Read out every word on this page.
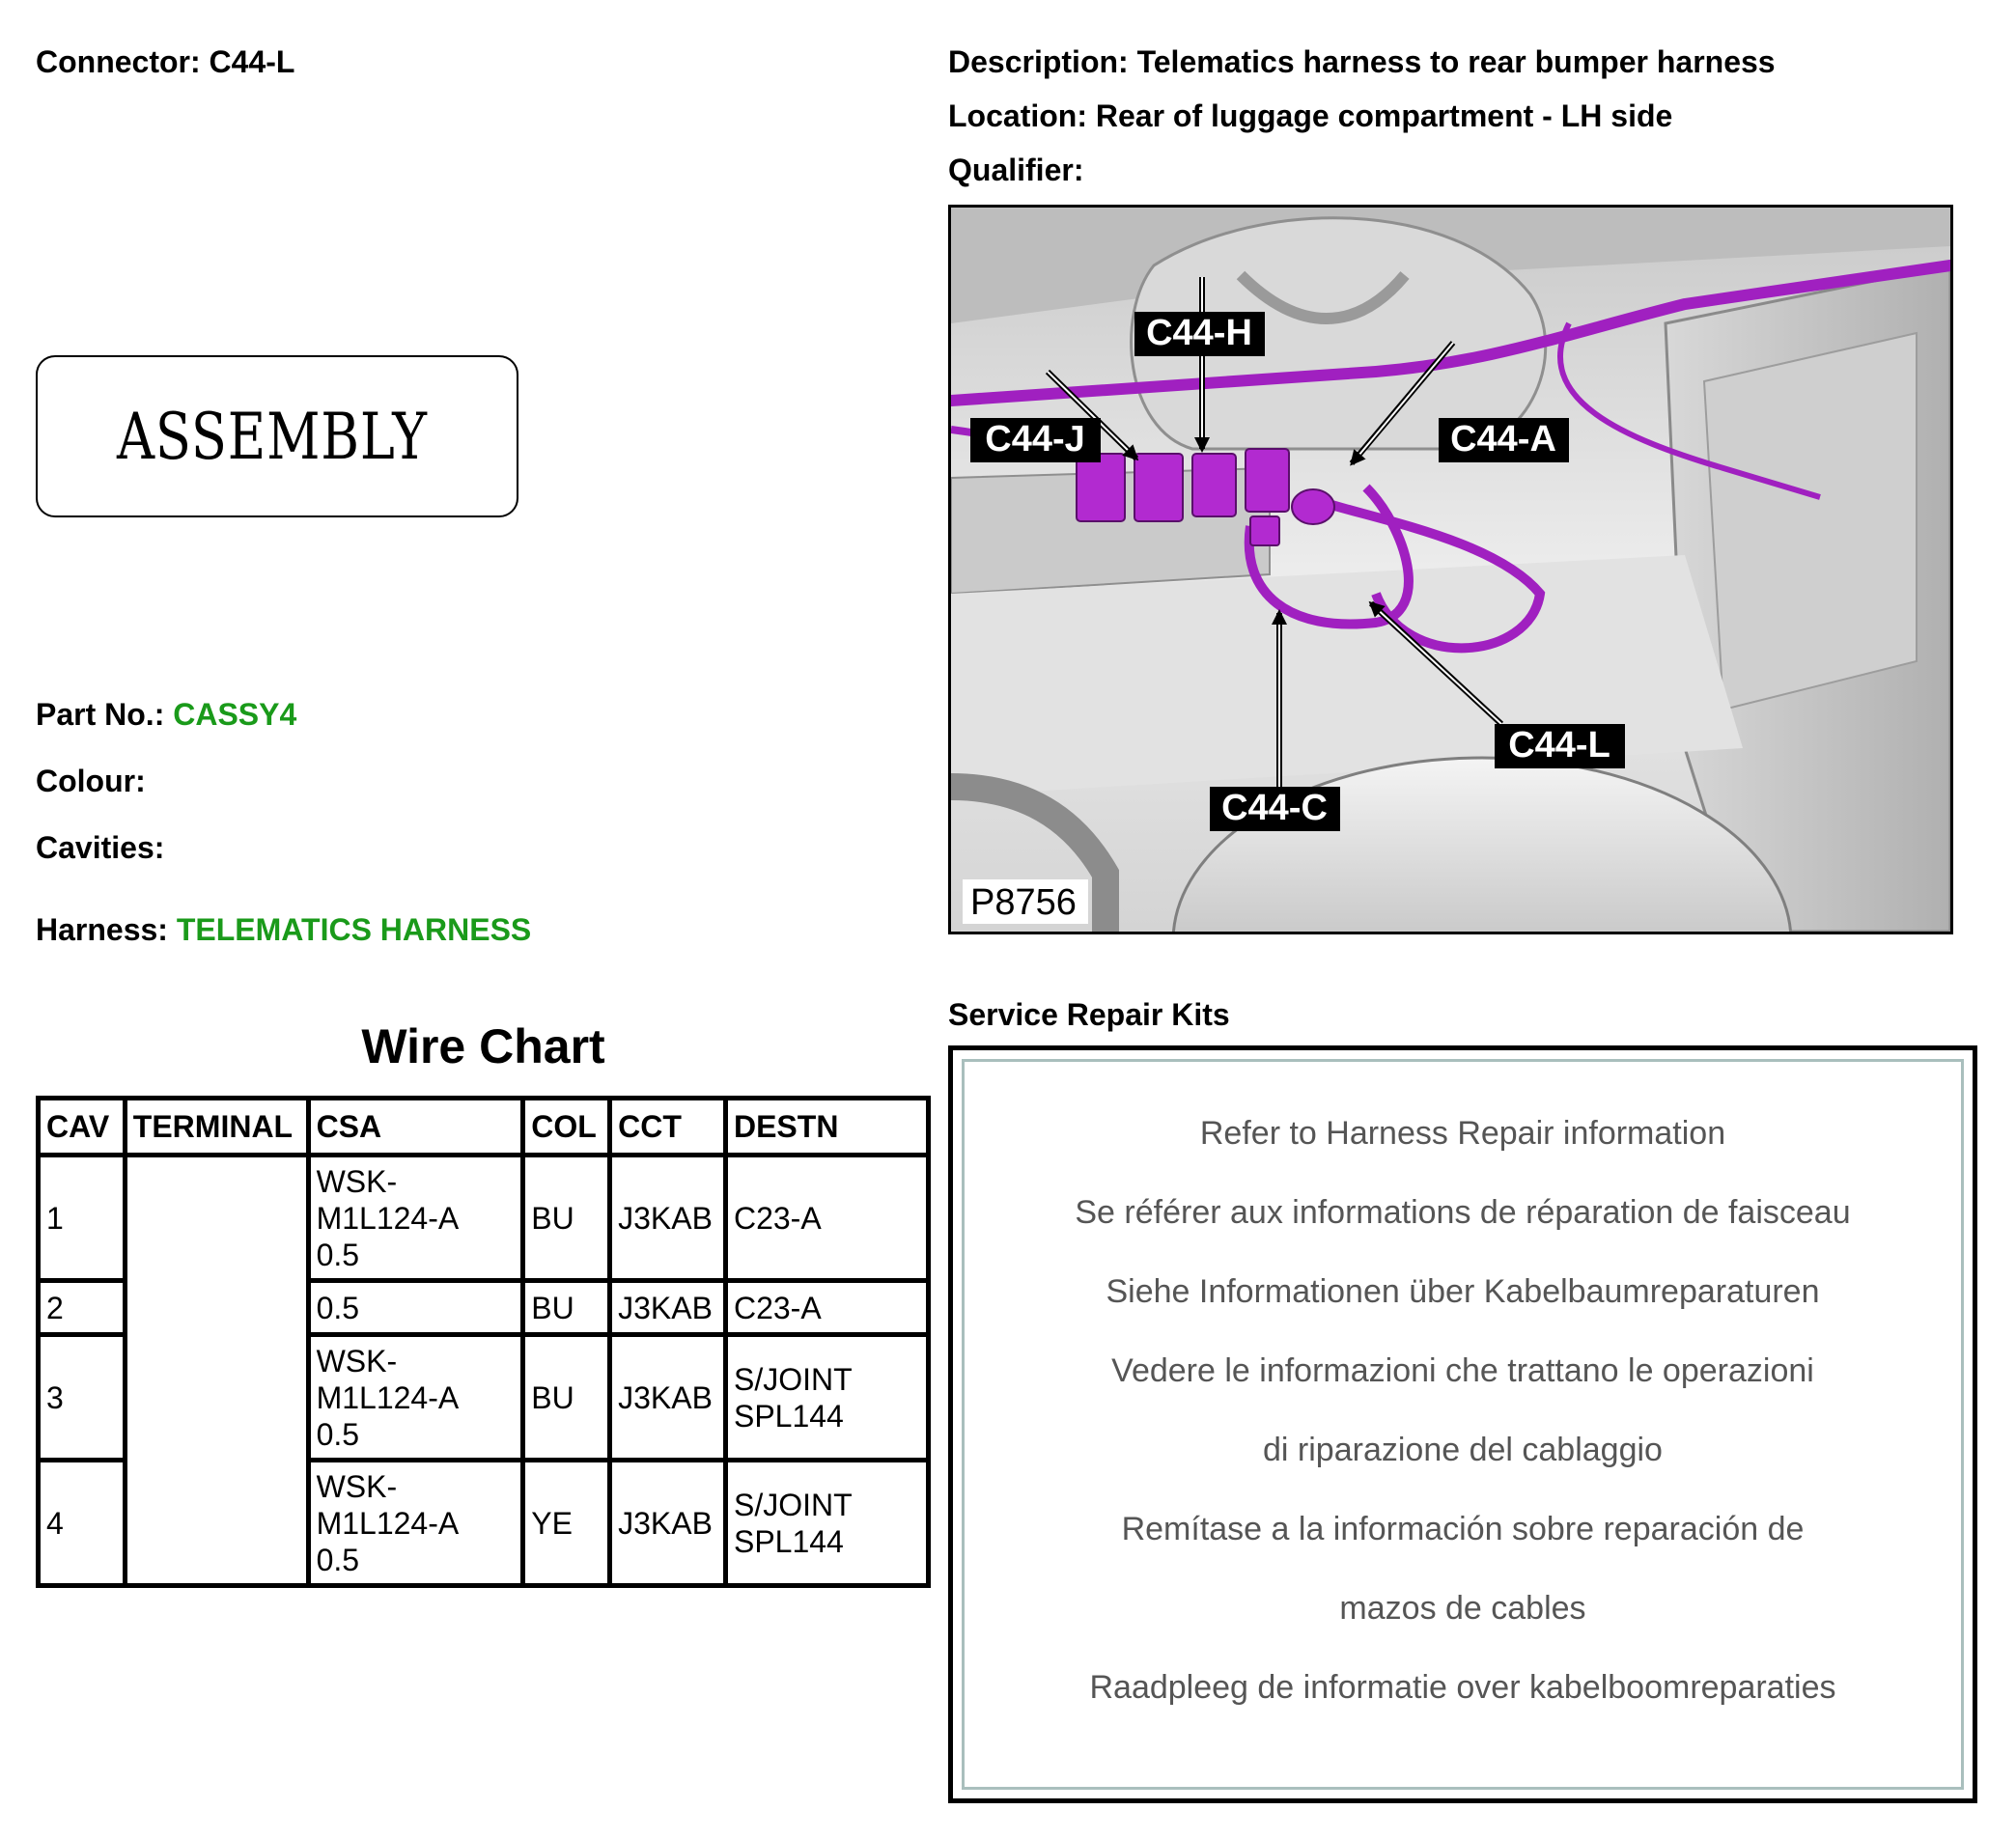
Connector: C44-L	Description: Telematics harness to rear bumper harness
Location: Rear of luggage compartment - LH side
Qualifier:
ASSEMBLY
Part No.: CASSY4
Colour:
Cavities:
Harness: TELEMATICS HARNESS
C44-H
C44-J	C44-A
C44-L
C44-C
P8756
Wire Chart
CAV	TERMINAL	CSA	COL	CCT	DESTN
1		WSK-
M1L124-A
0.5	BU	J3KAB	C23-A
2		0.5	BU	J3KAB	C23-A
3		WSK-
M1L124-A
0.5	BU	J3KAB	S/JOINT
SPL144
4		WSK-
M1L124-A
0.5	YE	J3KAB	S/JOINT
SPL144
Service Repair Kits
Refer to Harness Repair information
Se référer aux informations de réparation de faisceau
Siehe Informationen über Kabelbaumreparaturen
Vedere le informazioni che trattano le operazioni
di riparazione del cablaggio
Remítase a la información sobre reparación de
mazos de cables
Raadpleeg de informatie over kabelboomreparaties
